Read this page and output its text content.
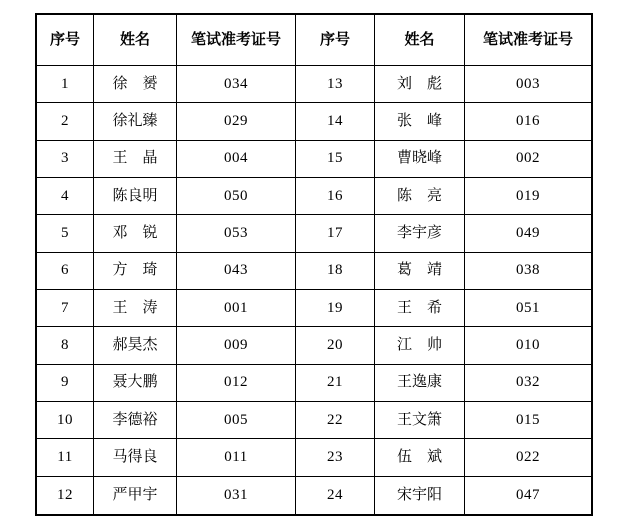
序号	姓名	笔试准考证号	序号	姓名	笔试准考证号
1	徐　赟	034	13	刘　彪	003
2	徐礼臻	029	14	张　峰	016
3	王　晶	004	15	曹晓峰	002
4	陈良明	050	16	陈　亮	019
5	邓　锐	053	17	李宇彦	049
6	方　琦	043	18	葛　靖	038
7	王　涛	001	19	王　希	051
8	郝昊杰	009	20	江　帅	010
9	聂大鹏	012	21	王逸康	032
10	李德裕	005	22	王文箫	015
11	马得良	011	23	伍　斌	022
12	严甲宇	031	24	宋宇阳	047
